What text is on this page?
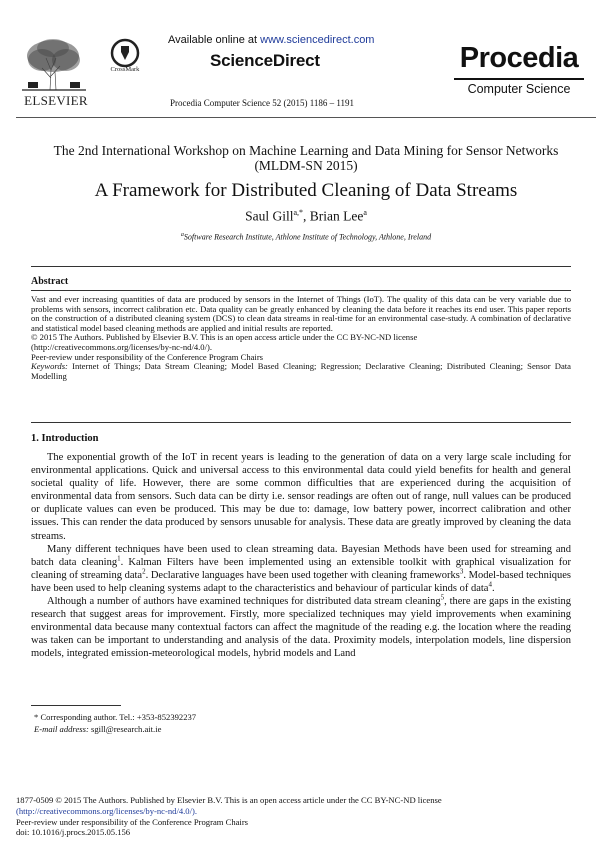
ELSEVIER
CrossMark
Available online at www.sciencedirect.com
ScienceDirect
Procedia Computer Science 52 (2015) 1186 – 1191
Procedia
Computer Science
The 2nd International Workshop on Machine Learning and Data Mining for Sensor Networks
(MLDM-SN 2015)
A Framework for Distributed Cleaning of Data Streams
Saul Gill$^{a,*}$, Brian Lee$^a$
$^a$Software Research Institute, Athlone Institute of Technology, Athlone, Ireland
Abstract

Vast and ever increasing quantities of data are produced by sensors in the Internet of Things (IoT). The quality of this data can be very variable due to problems with sensors, incorrect calibration etc. Data quality can be greatly enhanced by cleaning the data before it reaches its end user. This paper reports on the construction of a distributed cleaning system (DCS) to clean data streams in real-time for an environmental case-study. A combination of declarative and statistical model based cleaning methods are applied and initial results are reported.

© 2015 The Authors. Published by Elsevier B.V. This is an open access article under the CC BY-NC-ND license

(http://creativecommons.org/licenses/by-nc-nd/4.0/).

Peer-review under responsibility of the Conference Program Chairs

Keywords: Internet of Things; Data Stream Cleaning; Model Based Cleaning; Regression; Declarative Cleaning; Distributed Cleaning; Sensor Data Modelling

1. Introduction

The exponential growth of the IoT in recent years is leading to the generation of data on a very large scale including for environmental applications. Quick and universal access to this environmental data could yield benefits for health and general societal quality of life. However, there are some common difficulties that are experienced during the acquisition of environmental data from sensors. Such data can be dirty i.e. sensor readings are often out of range, null values can be produced or duplicate values can even be produced. This may be due to: damage, low battery power, incorrect calibration and other issues. This can render the data produced by sensors unusable for analysis. These data are greatly improved by cleaning the data streams.

Many different techniques have been used to clean streaming data. Bayesian Methods have been used for streaming and batch data cleaning$^1$. Kalman Filters have been implemented using an extensible toolkit with graphical visualization for cleaning of streaming data$^2$. Declarative languages have been used together with cleaning frameworks$^3$. Model-based techniques have been used to help cleaning systems adapt to the characteristics and behaviour of particular kinds of data$^4$.

Although a number of authors have examined techniques for distributed data stream cleaning$^5$, there are gaps in the existing research that suggest areas for improvement. Firstly, more specialized techniques may yield improvements when examining environmental data because many contextual factors can affect the magnitude of the reading e.g. the location where the reading was taken can be important to understanding and analysis of the data. Proximity models, interpolation models, line dispersion models, integrated emission-meteorological models, hybrid models and Land

* Corresponding author. Tel.: +353-852392237
E-mail address: sgill@research.ait.ie
1877-0509 © 2015 The Authors. Published by Elsevier B.V. This is an open access article under the CC BY-NC-ND license
(http://creativecommons.org/licenses/by-nc-nd/4.0/).
Peer-review under responsibility of the Conference Program Chairs
doi: 10.1016/j.procs.2015.05.156
